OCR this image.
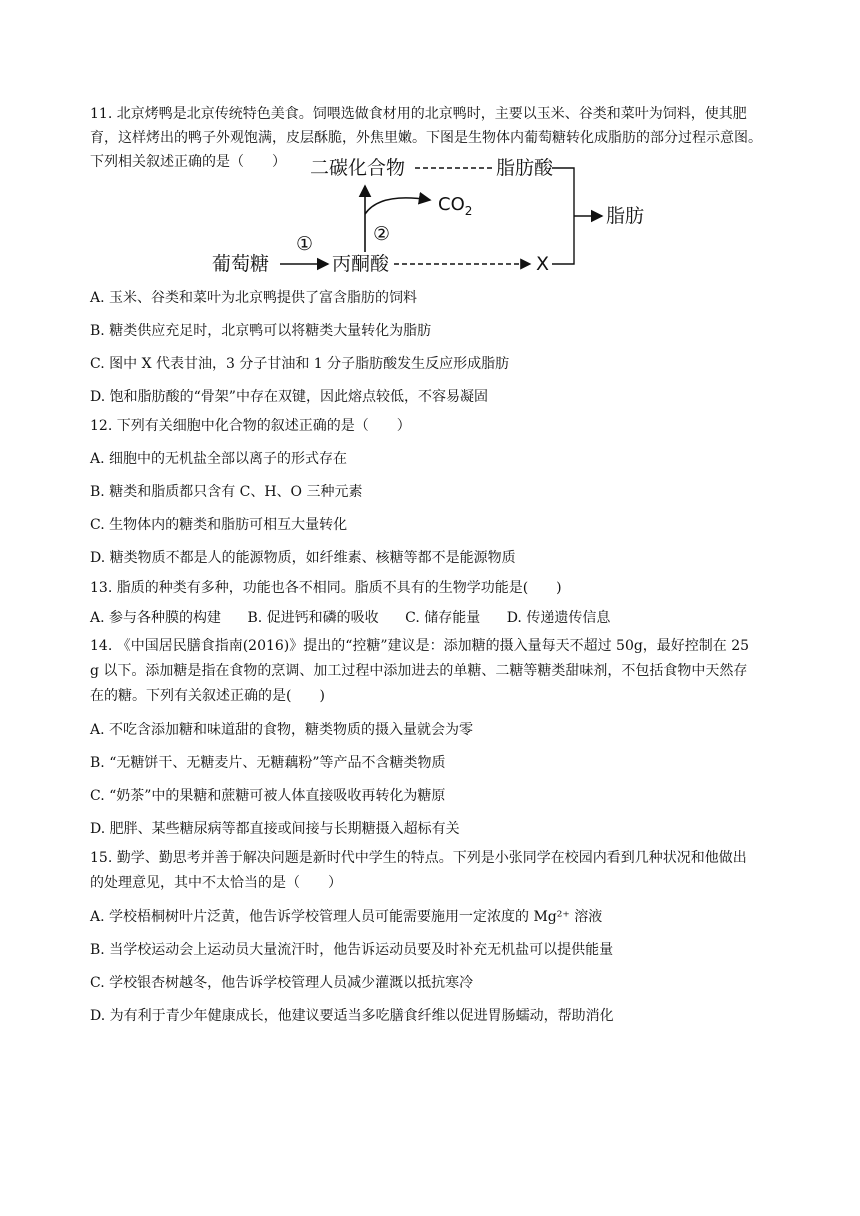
11. 北京烤鸭是北京传统特色美食。饲喂选做食材用的北京鸭时，主要以玉米、谷类和菜叶为饲料，使其肥
育，这样烤出的鸭子外观饱满，皮层酥脆，外焦里嫩。下图是生物体内葡萄糖转化成脂肪的部分过程示意图。
下列相关叙述正确的是（　　） 二碳化合物	脂肪酸
$CO_2$
②
葡萄糖
①
丙酮酸	X
脂肪
A. 玉米、谷类和菜叶为北京鸭提供了富含脂肪的饲料
B. 糖类供应充足时，北京鸭可以将糖类大量转化为脂肪
C. 图中 X 代表甘油，3 分子甘油和 1 分子脂肪酸发生反应形成脂肪
D. 饱和脂肪酸的“骨架”中存在双键，因此熔点较低，不容易凝固
12. 下列有关细胞中化合物的叙述正确的是（　　）
A. 细胞中的无机盐全部以离子的形式存在
B. 糖类和脂质都只含有 C、H、O 三种元素
C. 生物体内的糖类和脂肪可相互大量转化
D. 糖类物质不都是人的能源物质，如纤维素、核糖等都不是能源物质
13. 脂质的种类有多种，功能也各不相同。脂质不具有的生物学功能是(　　)
A. 参与各种膜的构建 B. 促进钙和磷的吸收 C. 储存能量 D. 传递遗传信息
14. 《中国居民膳食指南(2016)》提出的“控糖”建议是：添加糖的摄入量每天不超过 50g，最好控制在 25
g 以下。添加糖是指在食物的烹调、加工过程中添加进去的单糖、二糖等糖类甜味剂，不包括食物中天然存
在的糖。下列有关叙述正确的是(　　)
A. 不吃含添加糖和味道甜的食物，糖类物质的摄入量就会为零
B. “无糖饼干、无糖麦片、无糖藕粉”等产品不含糖类物质
C. “奶茶”中的果糖和蔗糖可被人体直接吸收再转化为糖原
D. 肥胖、某些糖尿病等都直接或间接与长期糖摄入超标有关
15. 勤学、勤思考并善于解决问题是新时代中学生的特点。下列是小张同学在校园内看到几种状况和他做出
的处理意见，其中不太恰当的是（　　）
A. 学校梧桐树叶片泛黄，他告诉学校管理人员可能需要施用一定浓度的 Mg²⁺ 溶液
B. 当学校运动会上运动员大量流汗时，他告诉运动员要及时补充无机盐可以提供能量
C. 学校银杏树越冬，他告诉学校管理人员减少灌溉以抵抗寒冷
D. 为有利于青少年健康成长，他建议要适当多吃膳食纤维以促进胃肠蠕动，帮助消化
